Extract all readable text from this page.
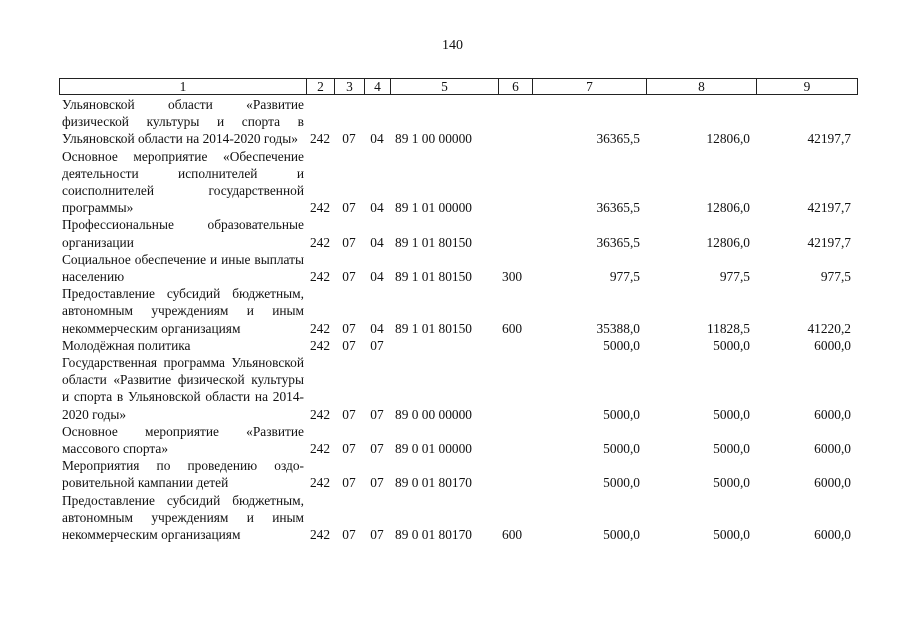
140
1	2	3	4	5	6	7	8	9
Ульяновской области «Развитие физической культуры и спорта в Ульяновской области на 2014-2020 годы»	242	07	04	89 1 00 00000		36365,5	12806,0	42197,7
Основное мероприятие «Обеспечение деятельности исполнителей и соисполнителей государственной программы»	242	07	04	89 1 01 00000		36365,5	12806,0	42197,7
Профессиональные образовательные организации	242	07	04	89 1 01 80150		36365,5	12806,0	42197,7
Социальное обеспечение и иные выплаты населению	242	07	04	89 1 01 80150	300	977,5	977,5	977,5
Предоставление субсидий бюджетным, автономным учреждениям и иным некоммерческим организациям	242	07	04	89 1 01 80150	600	35388,0	11828,5	41220,2
Молодёжная политика	242	07	07			5000,0	5000,0	6000,0
Государственная программа Ульяновской области «Развитие физической культуры и спорта в Ульяновской области на 2014-2020 годы»	242	07	07	89 0 00 00000		5000,0	5000,0	6000,0
Основное мероприятие «Развитие массового спорта»	242	07	07	89 0 01 00000		5000,0	5000,0	6000,0
Мероприятия по проведению оздоровительной кампании детей	242	07	07	89 0 01 80170		5000,0	5000,0	6000,0
Предоставление субсидий бюджетным, автономным учреждениям и иным некоммерческим организациям	242	07	07	89 0 01 80170	600	5000,0	5000,0	6000,0
